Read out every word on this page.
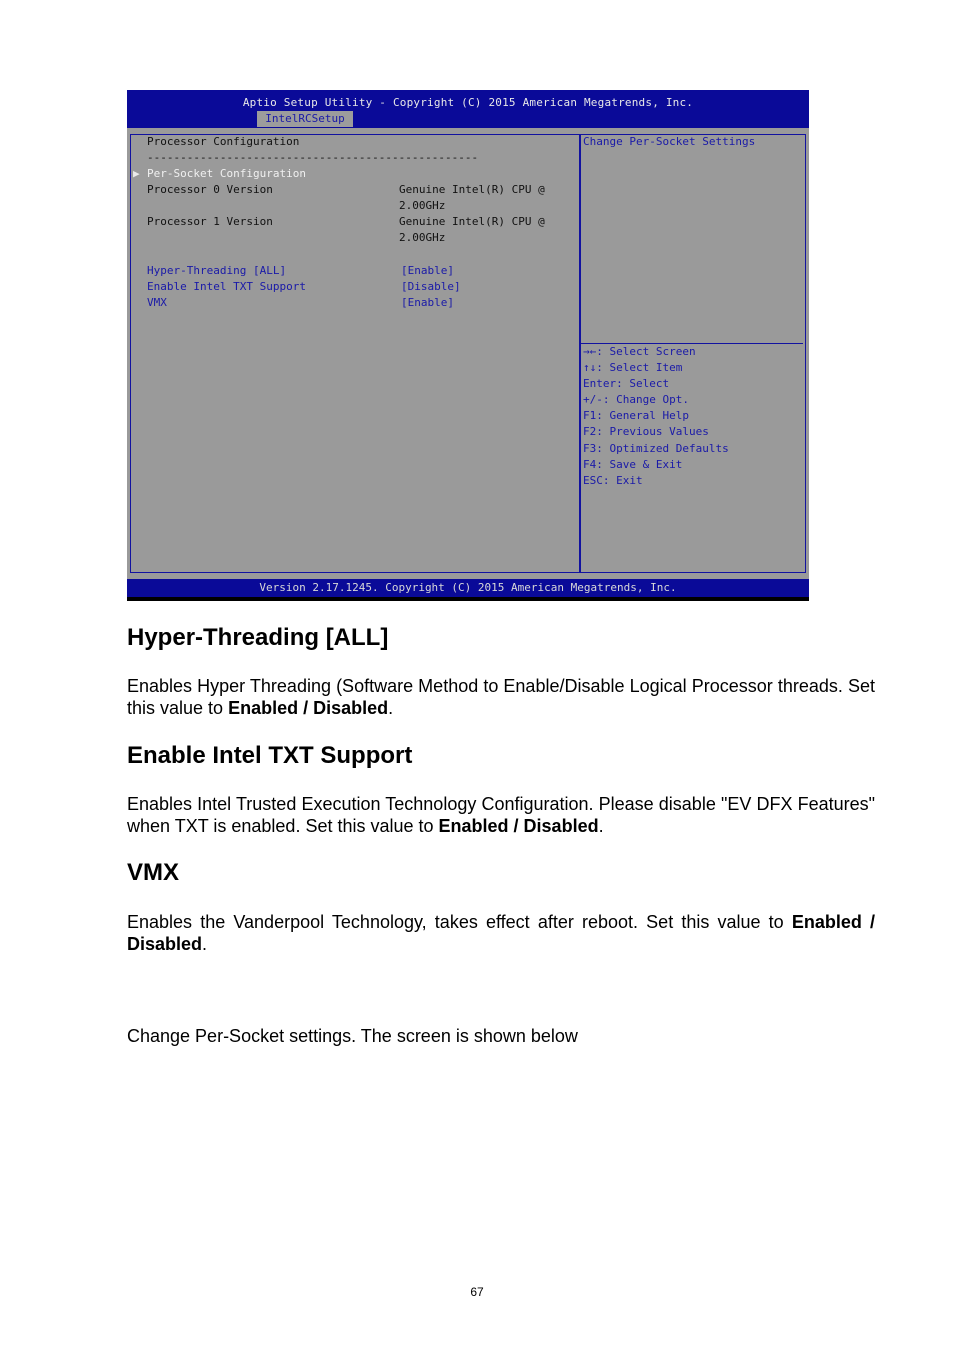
Aptio Setup Utility - Copyright (C) 2015 American Megatrends, Inc.
IntelRCSetup
Processor Configuration
--------------------------------------------------
▶ Per-Socket Configuration
Processor 0 Version	Genuine Intel(R) CPU @
2.00GHz
Processor 1 Version	Genuine Intel(R) CPU @
2.00GHz
Hyper-Threading [ALL]	[Enable]
Enable Intel TXT Support	[Disable]
VMX	[Enable]
Change Per-Socket Settings
→←: Select Screen
↑↓: Select Item
Enter: Select
+/-: Change Opt.
F1: General Help
F2: Previous Values
F3: Optimized Defaults
F4: Save & Exit
ESC: Exit
Version 2.17.1245. Copyright (C) 2015 American Megatrends, Inc.
Hyper-Threading [ALL]

Enables Hyper Threading (Software Method to Enable/Disable Logical Processor threads. Set this value to Enabled / Disabled.

Enable Intel TXT Support

Enables Intel Trusted Execution Technology Configuration. Please disable "EV DFX Features" when TXT is enabled. Set this value to Enabled / Disabled.

VMX

Enables the Vanderpool Technology, takes effect after reboot. Set this value to Enabled / Disabled.

Change Per-Socket settings. The screen is shown below

67
